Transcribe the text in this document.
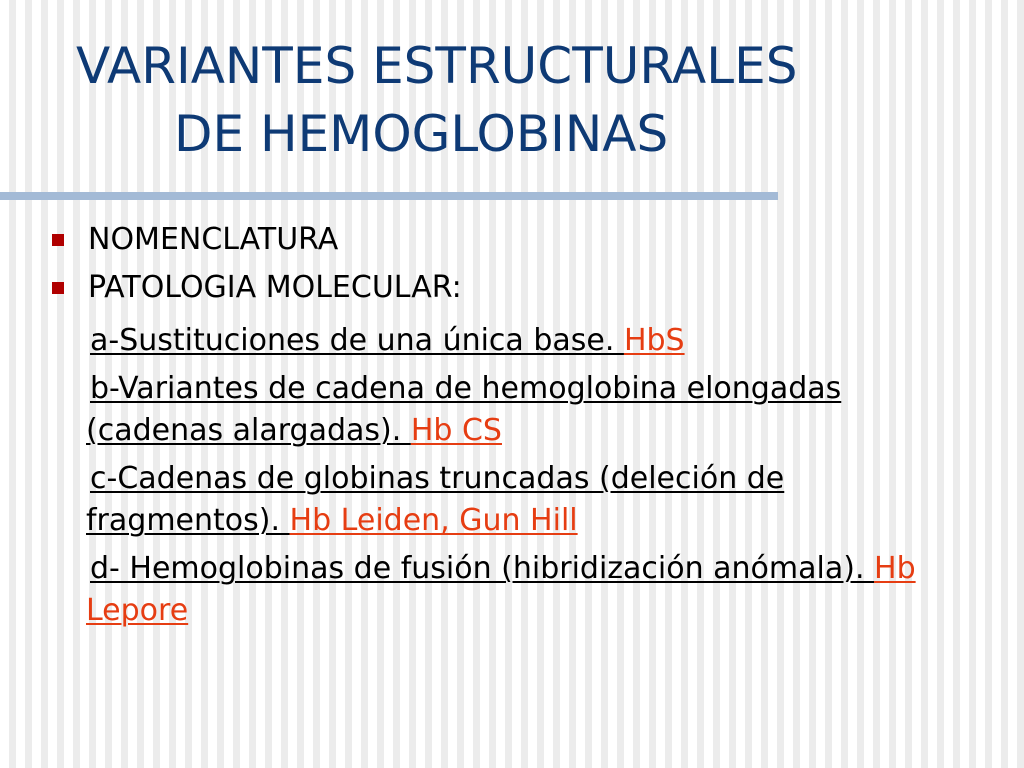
VARIANTES ESTRUCTURALES
DE HEMOGLOBINAS
NOMENCLATURA
PATOLOGIA MOLECULAR:
a-Sustituciones de una única base. HbS
b-Variantes de cadena de hemoglobina elongadas (cadenas alargadas). Hb CS
c-Cadenas de globinas truncadas (deleción de fragmentos). Hb Leiden, Gun Hill
d- Hemoglobinas de fusión (hibridización anómala). Hb Lepore
